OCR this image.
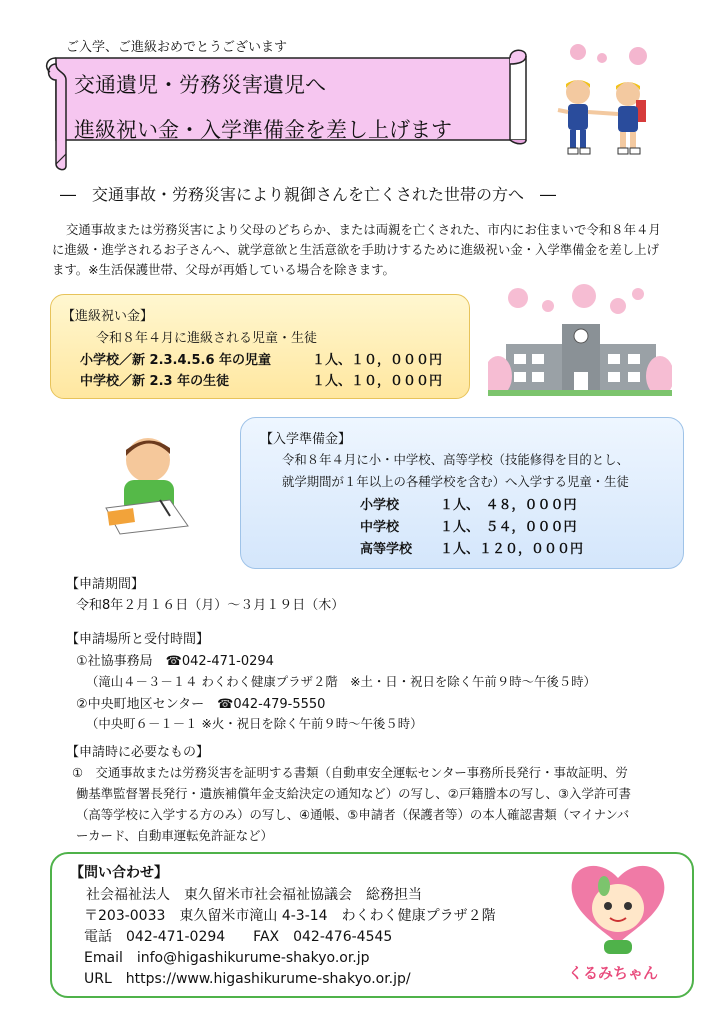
ご入学、ご進級おめでとうございます
交通遺児・労務災害遺児へ
進級祝い金・入学準備金を差し上げます
―　交通事故・労務災害により親御さんを亡くされた世帯の方へ　―

交通事故または労務災害により父母のどちらか、または両親を亡くされた、市内にお住まいで令和８年４月

に進級・進学されるお子さんへ、就学意欲と生活意欲を手助けするために進級祝い金・入学準備金を差し上げ

ます。※生活保護世帯、父母が再婚している場合を除きます。

【進級祝い金】
令和８年４月に進級される児童・生徒
小学校／新 2.3.4.5.6 年の児童	１人、１０，０００円
中学校／新 2.3 年の生徒	１人、１０，０００円
【入学準備金】
令和８年４月に小・中学校、高等学校（技能修得を目的とし、
就学期間が１年以上の各種学校を含む）へ入学する児童・生徒
小学校	１人、　４８，０００円
中学校	１人、　５４，０００円
高等学校 １人、１２０，０００円
【申請期間】
令和8年２月１６日（月）～３月１９日（木）
【申請場所と受付時間】
①社協事務局　☎042-471-0294
（滝山４－３－１４ わくわく健康プラザ２階　※土・日・祝日を除く午前９時～午後５時）
②中央町地区センター　☎042-479-5550
（中央町６－１－１ ※火・祝日を除く午前９時～午後５時）
【申請時に必要なもの】
①　交通事故または労務災害を証明する書類（自動車安全運転センター事務所長発行・事故証明、労
働基準監督署長発行・遺族補償年金支給決定の通知など）の写し、②戸籍謄本の写し、③入学許可書
（高等学校に入学する方のみ）の写し、④通帳、⑤申請者（保護者等）の本人確認書類（マイナンバ
ーカード、自動車運転免許証など）
【問い合わせ】
社会福祉法人　東久留米市社会福祉協議会　総務担当
〒203-0033　東久留米市滝山 4-3-14　わくわく健康プラザ２階
電話　042-471-0294　　FAX　042-476-4545
Email　info@higashikurume-shakyo.or.jp
URL　https://www.higashikurume-shakyo.or.jp/	くるみちゃん
